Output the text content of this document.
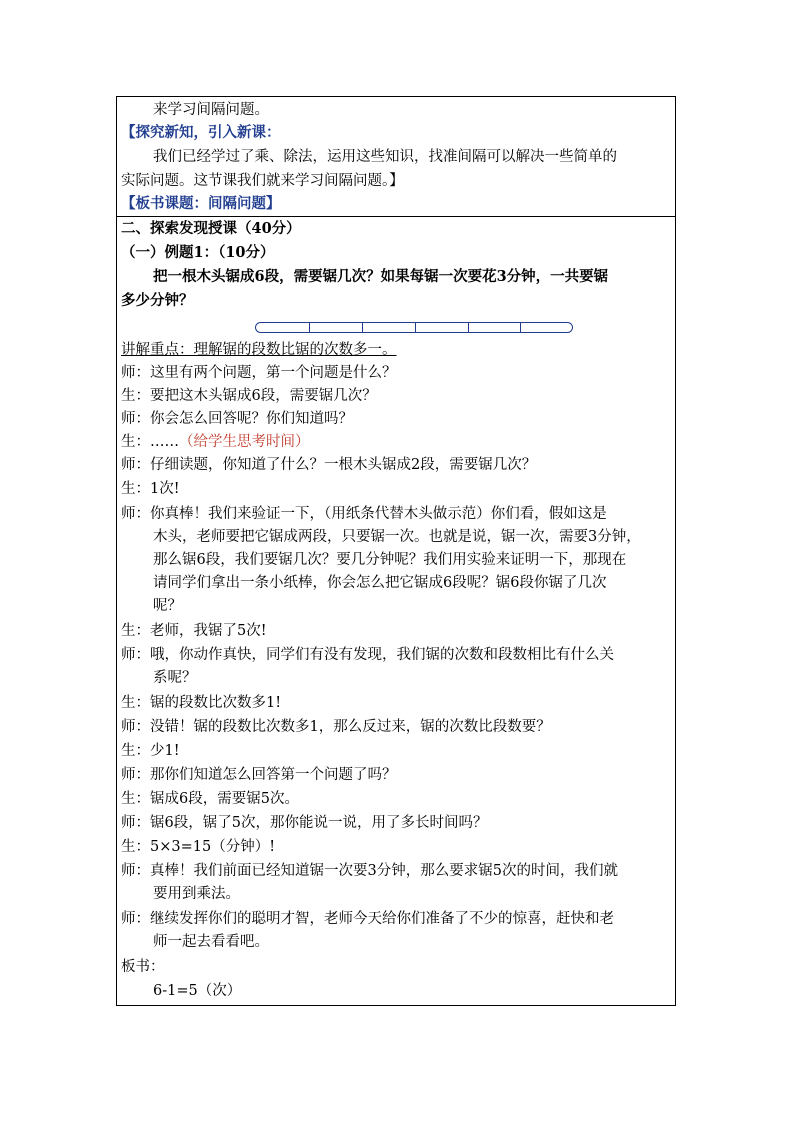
来学习间隔问题。
【探究新知，引入新课：
我们已经学过了乘、除法，运用这些知识，找准间隔可以解决一些简单的
实际问题。这节课我们就来学习间隔问题。】
【板书课题：间隔问题】
二、探索发现授课（40分）
（一）例题1：（10分）
把一根木头锯成6段，需要锯几次？如果每锯一次要花3分钟，一共要锯
多少分钟？
讲解重点：理解锯的段数比锯的次数多一。
师：这里有两个问题，第一个问题是什么？
生：要把这木头锯成6段，需要锯几次？
师：你会怎么回答呢？你们知道吗？
生：……（给学生思考时间）
师：仔细读题，你知道了什么？一根木头锯成2段，需要锯几次？
生：1次!
师：你真棒！我们来验证一下，（用纸条代替木头做示范）你们看，假如这是
木头，老师要把它锯成两段，只要锯一次。也就是说，锯一次，需要3分钟，
那么锯6段，我们要锯几次？要几分钟呢？我们用实验来证明一下，那现在
请同学们拿出一条小纸棒，你会怎么把它锯成6段呢？锯6段你锯了几次
呢？
生：老师，我锯了5次!
师：哦，你动作真快，同学们有没有发现，我们锯的次数和段数相比有什么关
系呢？
生：锯的段数比次数多1!
师：没错！锯的段数比次数多1，那么反过来，锯的次数比段数要？
生：少1!
师：那你们知道怎么回答第一个问题了吗？
生：锯成6段，需要锯5次。
师：锯6段，锯了5次，那你能说一说，用了多长时间吗？
生：5×3=15（分钟）!
师：真棒！我们前面已经知道锯一次要3分钟，那么要求锯5次的时间，我们就
要用到乘法。
师：继续发挥你们的聪明才智，老师今天给你们准备了不少的惊喜，赶快和老
师一起去看看吧。
板书：
6-1=5（次）
